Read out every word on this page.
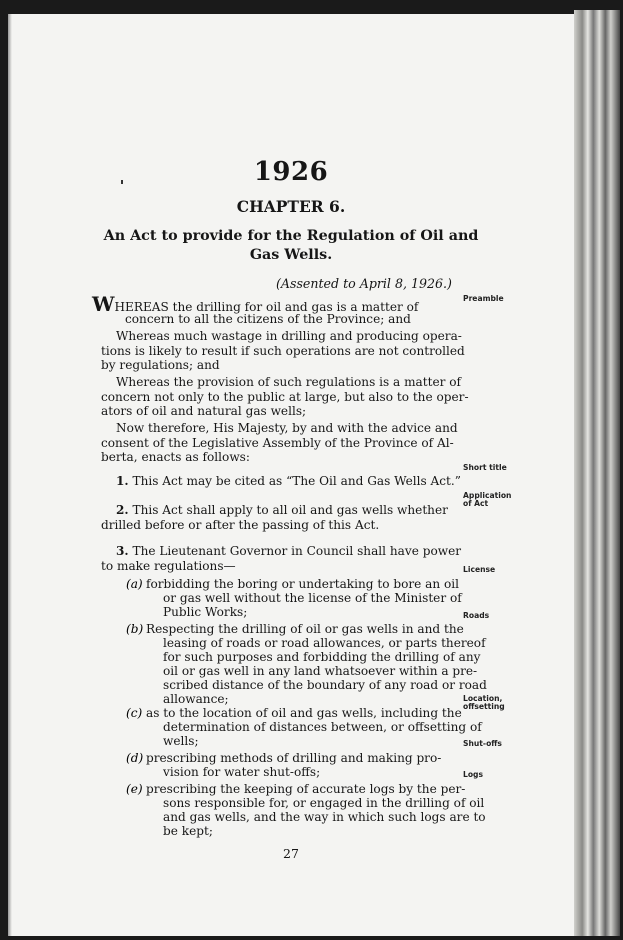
1926
CHAPTER 6.
An Act to provide for the Regulation of Oil and
Gas Wells.
(Assented to April 8, 1926.)
WHEREAS the drilling for oil and gas is a matter of
concern to all the citizens of the Province; and
Whereas much wastage in drilling and producing opera-
tions is likely to result if such operations are not controlled
by regulations; and
Whereas the provision of such regulations is a matter of
concern not only to the public at large, but also to the oper-
ators of oil and natural gas wells;
Now therefore, His Majesty, by and with the advice and
consent of the Legislative Assembly of the Province of Al-
berta, enacts as follows:
1. This Act may be cited as “The Oil and Gas Wells Act.”
2. This Act shall apply to all oil and gas wells whether
drilled before or after the passing of this Act.
3. The Lieutenant Governor in Council shall have power
to make regulations—
(a) forbidding the boring or undertaking to bore an oil
or gas well without the license of the Minister of
Public Works;
(b) Respecting the drilling of oil or gas wells in and the
leasing of roads or road allowances, or parts thereof
for such purposes and forbidding the drilling of any
oil or gas well in any land whatsoever within a pre-
scribed distance of the boundary of any road or road
allowance;
(c) as to the location of oil and gas wells, including the
determination of distances between, or offsetting of
wells;
(d) prescribing methods of drilling and making pro-
vision for water shut-offs;
(e) prescribing the keeping of accurate logs by the per-
sons responsible for, or engaged in the drilling of oil
and gas wells, and the way in which such logs are to
be kept;
Preamble
Short title
Application
of Act
License
Roads
Location,
offsetting
Shut-offs
Logs
27
